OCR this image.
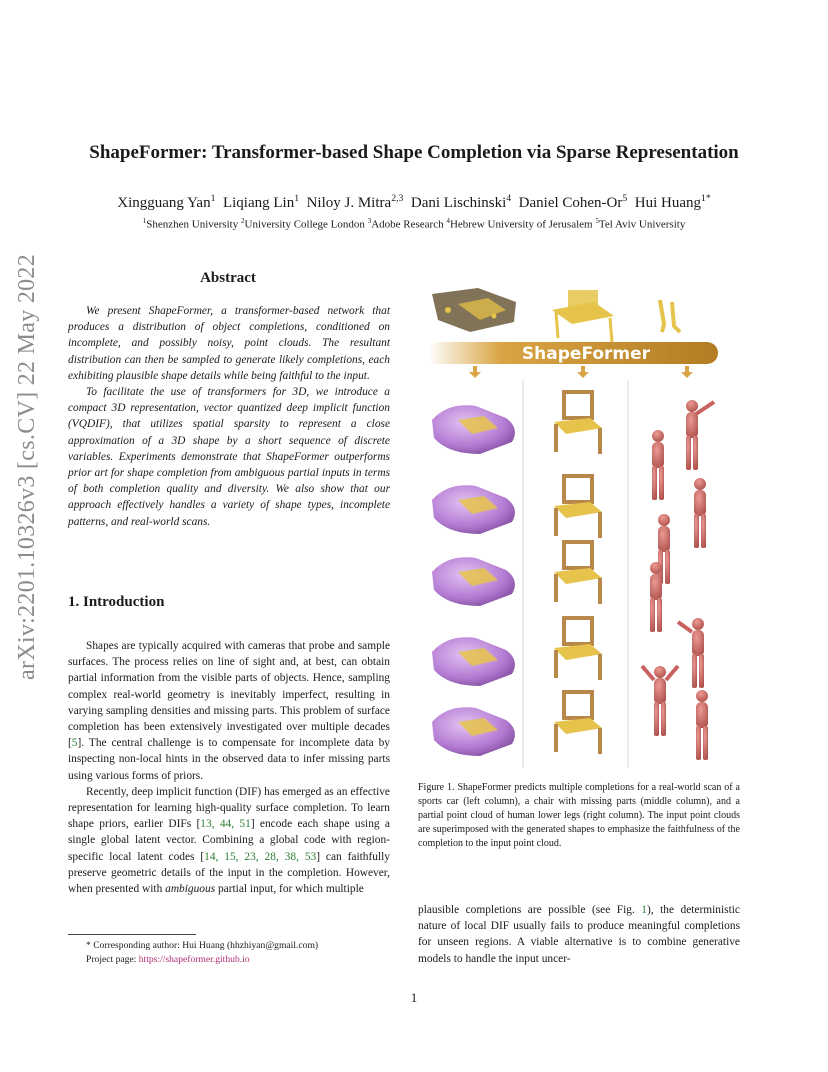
arXiv:2201.10326v3 [cs.CV] 22 May 2022
ShapeFormer: Transformer-based Shape Completion via Sparse Representation
Xingguang Yan$^1$ Liqiang Lin$^1$ Niloy J. Mitra$^{2,3}$ Dani Lischinski$^4$ Daniel Cohen-Or$^5$ Hui Huang$^{1*}$
$^1$Shenzhen University $^2$University College London $^3$Adobe Research $^4$Hebrew University of Jerusalem $^5$Tel Aviv University
Abstract

We present ShapeFormer, a transformer-based network that produces a distribution of object completions, conditioned on incomplete, and possibly noisy, point clouds. The resultant distribution can then be sampled to generate likely completions, each exhibiting plausible shape details while being faithful to the input.

To facilitate the use of transformers for 3D, we introduce a compact 3D representation, vector quantized deep implicit function (VQDIF), that utilizes spatial sparsity to represent a close approximation of a 3D shape by a short sequence of discrete variables. Experiments demonstrate that ShapeFormer outperforms prior art for shape completion from ambiguous partial inputs in terms of both completion quality and diversity. We also show that our approach effectively handles a variety of shape types, incomplete patterns, and real-world scans.

1. Introduction

Shapes are typically acquired with cameras that probe and sample surfaces. The process relies on line of sight and, at best, can obtain partial information from the visible parts of objects. Hence, sampling complex real-world geometry is inevitably imperfect, resulting in varying sampling densities and missing parts. This problem of surface completion has been extensively investigated over multiple decades [5]. The central challenge is to compensate for incomplete data by inspecting non-local hints in the observed data to infer missing parts using various forms of priors.

Recently, deep implicit function (DIF) has emerged as an effective representation for learning high-quality surface completion. To learn shape priors, earlier DIFs [13, 44, 51] encode each shape using a single global latent vector. Combining a global code with region-specific local latent codes [14, 15, 23, 28, 38, 53] can faithfully preserve geometric details of the input in the completion. However, when presented with ambiguous partial input, for which multiple

* Corresponding author: Hui Huang (hhzhiyan@gmail.com)
Project page: https://shapeformer.github.io
ShapeFormer
Figure 1. ShapeFormer predicts multiple completions for a real-world scan of a sports car (left column), a chair with missing parts (middle column), and a partial point cloud of human lower legs (right column). The input point clouds are superimposed with the generated shapes to emphasize the faithfulness of the completion to the input point cloud.
plausible completions are possible (see Fig. 1), the deterministic nature of local DIF usually fails to produce meaningful completions for unseen regions. A viable alternative is to combine generative models to handle the input uncer-
1
